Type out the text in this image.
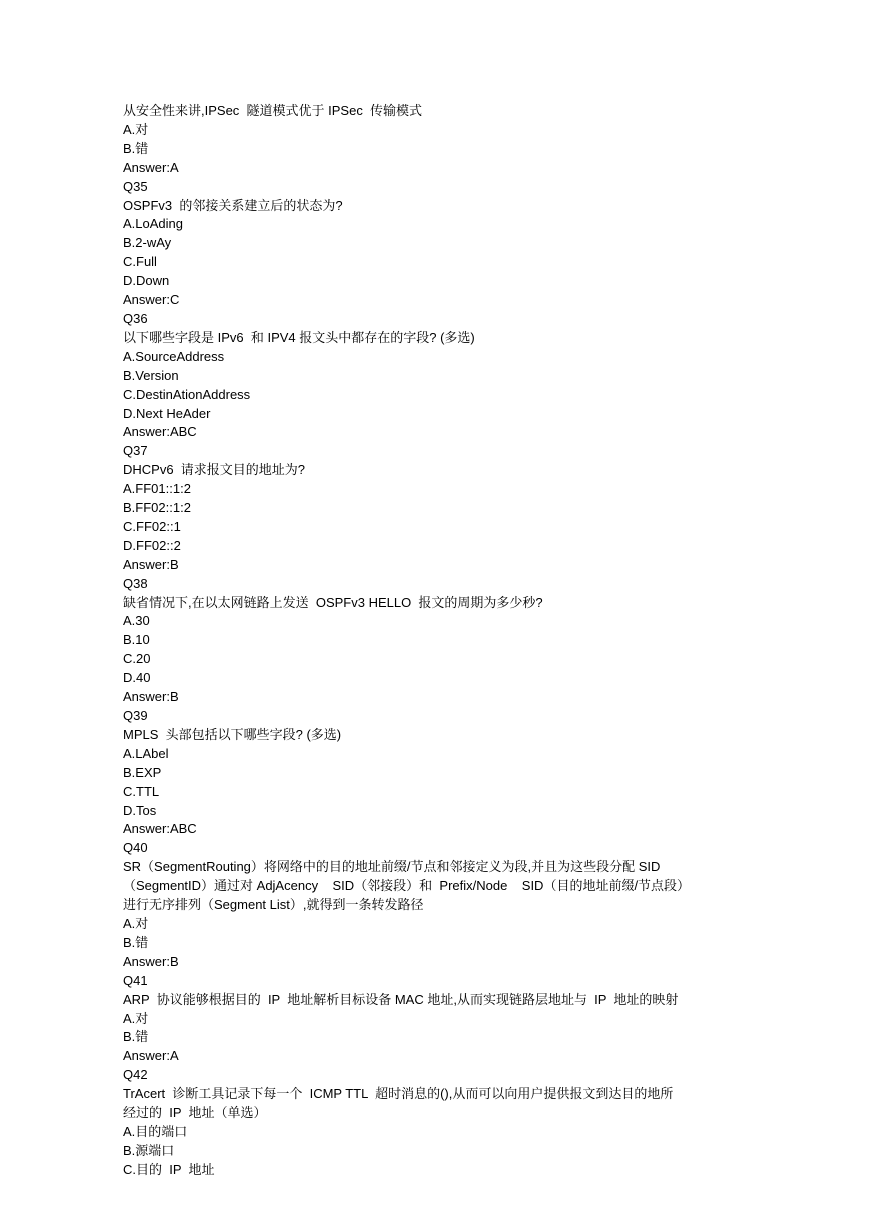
从安全性来讲,IPSec  隧道模式优于 IPSec  传输模式
A.对
B.错
Answer:A
Q35
OSPFv3  的邻接关系建立后的状态为?
A.LoAding
B.2-wAy
C.Full
D.Down
Answer:C
Q36
以下哪些字段是 IPv6  和 IPV4 报文头中都存在的字段? (多选)
A.SourceAddress
B.Version
C.DestinAtionAddress
D.Next HeAder
Answer:ABC
Q37
DHCPv6  请求报文目的地址为?
A.FF01::1:2
B.FF02::1:2
C.FF02::1
D.FF02::2
Answer:B
Q38
缺省情况下,在以太网链路上发送  OSPFv3 HELLO  报文的周期为多少秒?
A.30
B.10
C.20
D.40
Answer:B
Q39
MPLS  头部包括以下哪些字段? (多选)
A.LAbel
B.EXP
C.TTL
D.Tos
Answer:ABC
Q40
SR（SegmentRouting）将网络中的目的地址前缀/节点和邻接定义为段,并且为这些段分配 SID
（SegmentID）通过对 AdjAcency    SID（邻接段）和  Prefix/Node    SID（目的地址前缀/节点段）
进行无序排列（Segment List）,就得到一条转发路径
A.对
B.错
Answer:B
Q41
ARP  协议能够根据目的  IP  地址解析目标设备 MAC 地址,从而实现链路层地址与  IP  地址的映射
A.对
B.错
Answer:A
Q42
TrAcert  诊断工具记录下每一个  ICMP TTL  超时消息的(),从而可以向用户提供报文到达目的地所
经过的  IP  地址（单选）
A.目的端口
B.源端口
C.目的  IP  地址
